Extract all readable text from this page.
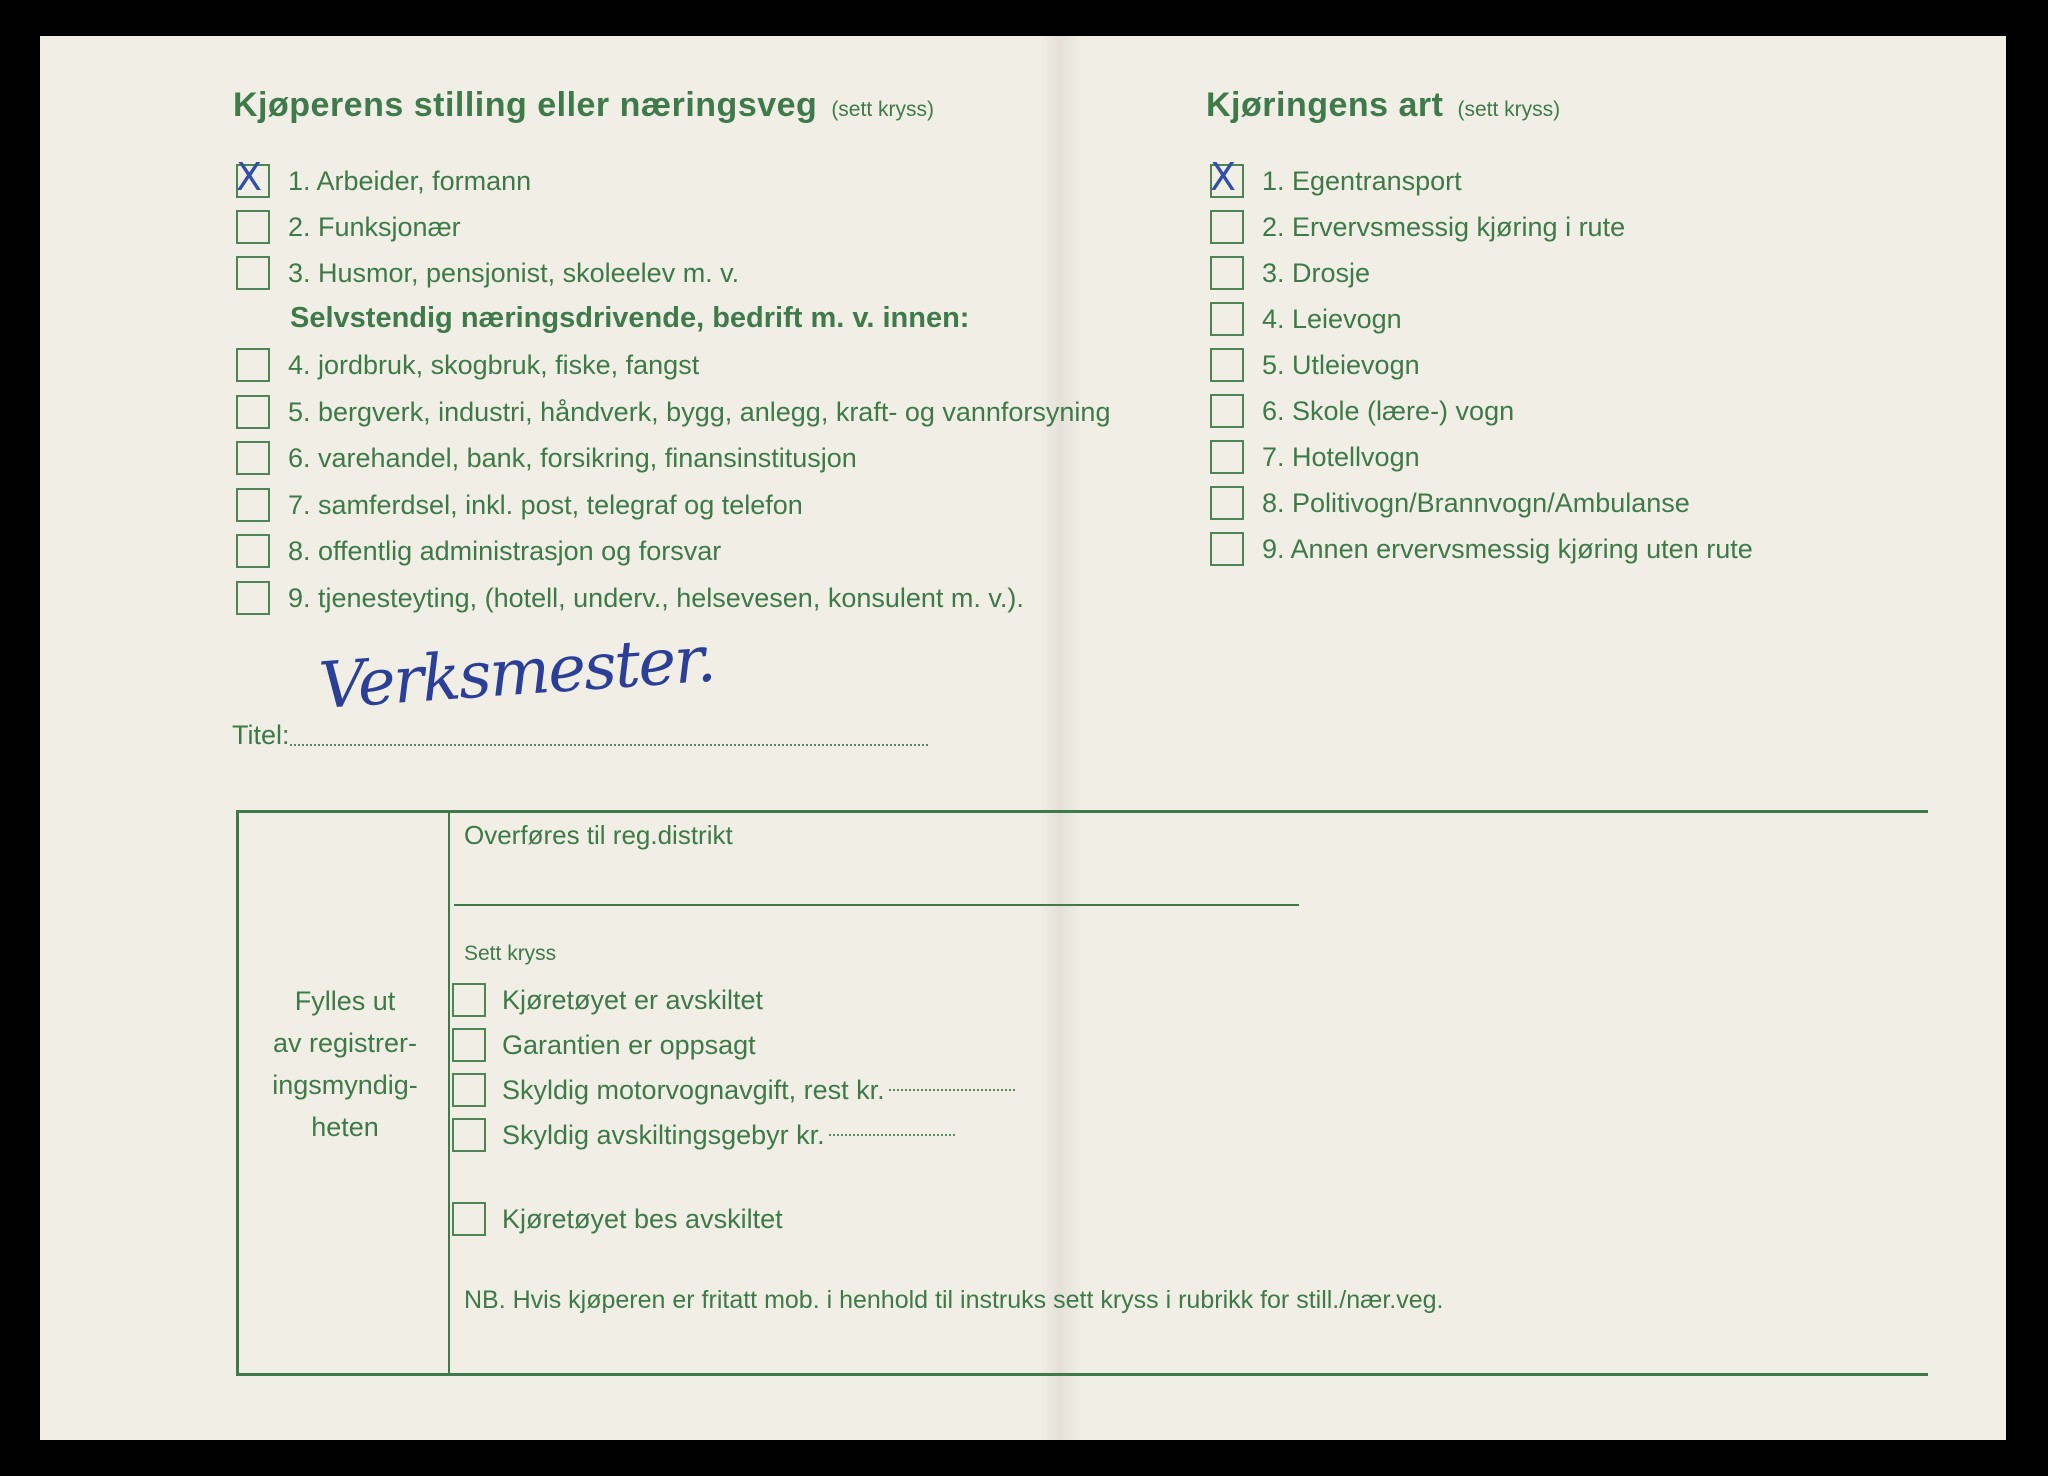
Kjøperens stilling eller næringsveg (sett kryss)	Kjøringens art (sett kryss)
X 1. Arbeider, formann
2. Funksjonær
3. Husmor, pensjonist, skoleelev m. v.
Selvstendig næringsdrivende, bedrift m. v. innen:
4. jordbruk, skogbruk, fiske, fangst
5. bergverk, industri, håndverk, bygg, anlegg, kraft- og vannforsyning
6. varehandel, bank, forsikring, finansinstitusjon
7. samferdsel, inkl. post, telegraf og telefon
8. offentlig administrasjon og forsvar
9. tjenesteyting, (hotell, underv., helsevesen, konsulent m. v.).
Verksmester.
Titel:
X 1. Egentransport
2. Ervervsmessig kjøring i rute
3. Drosje
4. Leievogn
5. Utleievogn
6. Skole (lære-) vogn
7. Hotellvogn
8. Politivogn/Brannvogn/Ambulanse
9. Annen ervervsmessig kjøring uten rute
Fylles ut
av registrer-
ingsmyndig-
heten
Overføres til reg.distrikt
Sett kryss
Kjøretøyet er avskiltet
Garantien er oppsagt
Skyldig motorvognavgift, rest kr.
Skyldig avskiltingsgebyr kr.
Kjøretøyet bes avskiltet
NB. Hvis kjøperen er fritatt mob. i henhold til instruks sett kryss i rubrikk for still./nær.veg.
